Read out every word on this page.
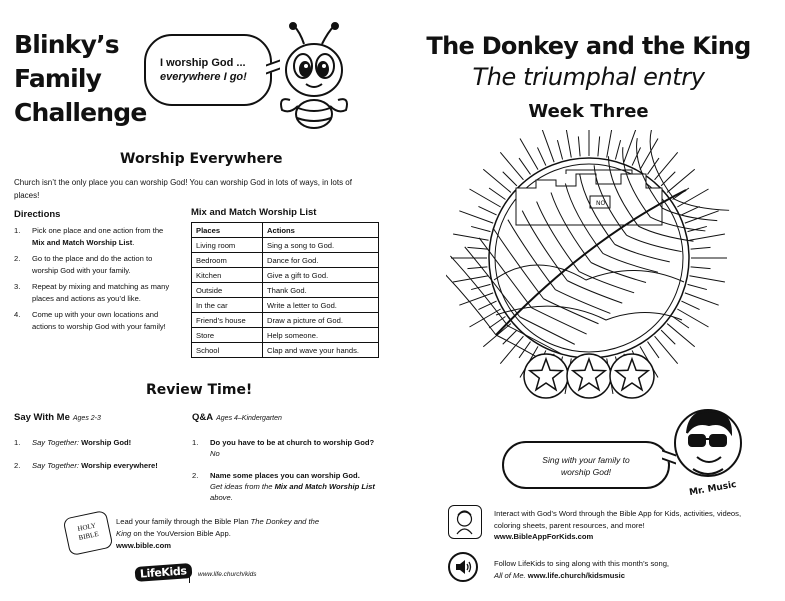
Blinky’s
Family
Challenge
I worship God ...
everywhere I go!
Worship Everywhere
Church isn’t the only place you can worship God! You can worship God in lots of ways, in lots of places!
Directions
1. Pick one place and one action from the Mix and Match Worship List.
2. Go to the place and do the action to worship God with your family.
3. Repeat by mixing and matching as many places and actions as you’d like.
4. Come up with your own locations and actions to worship God with your family!
Mix and Match Worship List
Places	Actions
Living room	Sing a song to God.
Bedroom	Dance for God.
Kitchen	Give a gift to God.
Outside	Thank God.
In the car	Write a letter to God.
Friend’s house	Draw a picture of God.
Store	Help someone.
School	Clap and wave your hands.
Review Time!
Say With Me Ages 2-3
1.	Say Together: Worship God!
2.	Say Together: Worship everywhere!
Q&A Ages 4–Kindergarten
1.	Do you have to be at church to worship God? No
2.	Name some places you can worship God.
Get ideas from the Mix and Match Worship List above.
HOLY
BIBLE
Lead your family through the Bible Plan The Donkey and the King on the YouVersion Bible App.
www.bible.com
LifeKids	www.life.church/kids
The Donkey and the King
The triumphal entry
Week Three
NO
Sing with your family to
worship God!
Mr. Music
Interact with God’s Word through the Bible App for Kids, activities, videos, coloring sheets, parent resources, and more!
www.BibleAppForKids.com
Follow LifeKids to sing along with this month’s song,
All of Me. www.life.church/kidsmusic
